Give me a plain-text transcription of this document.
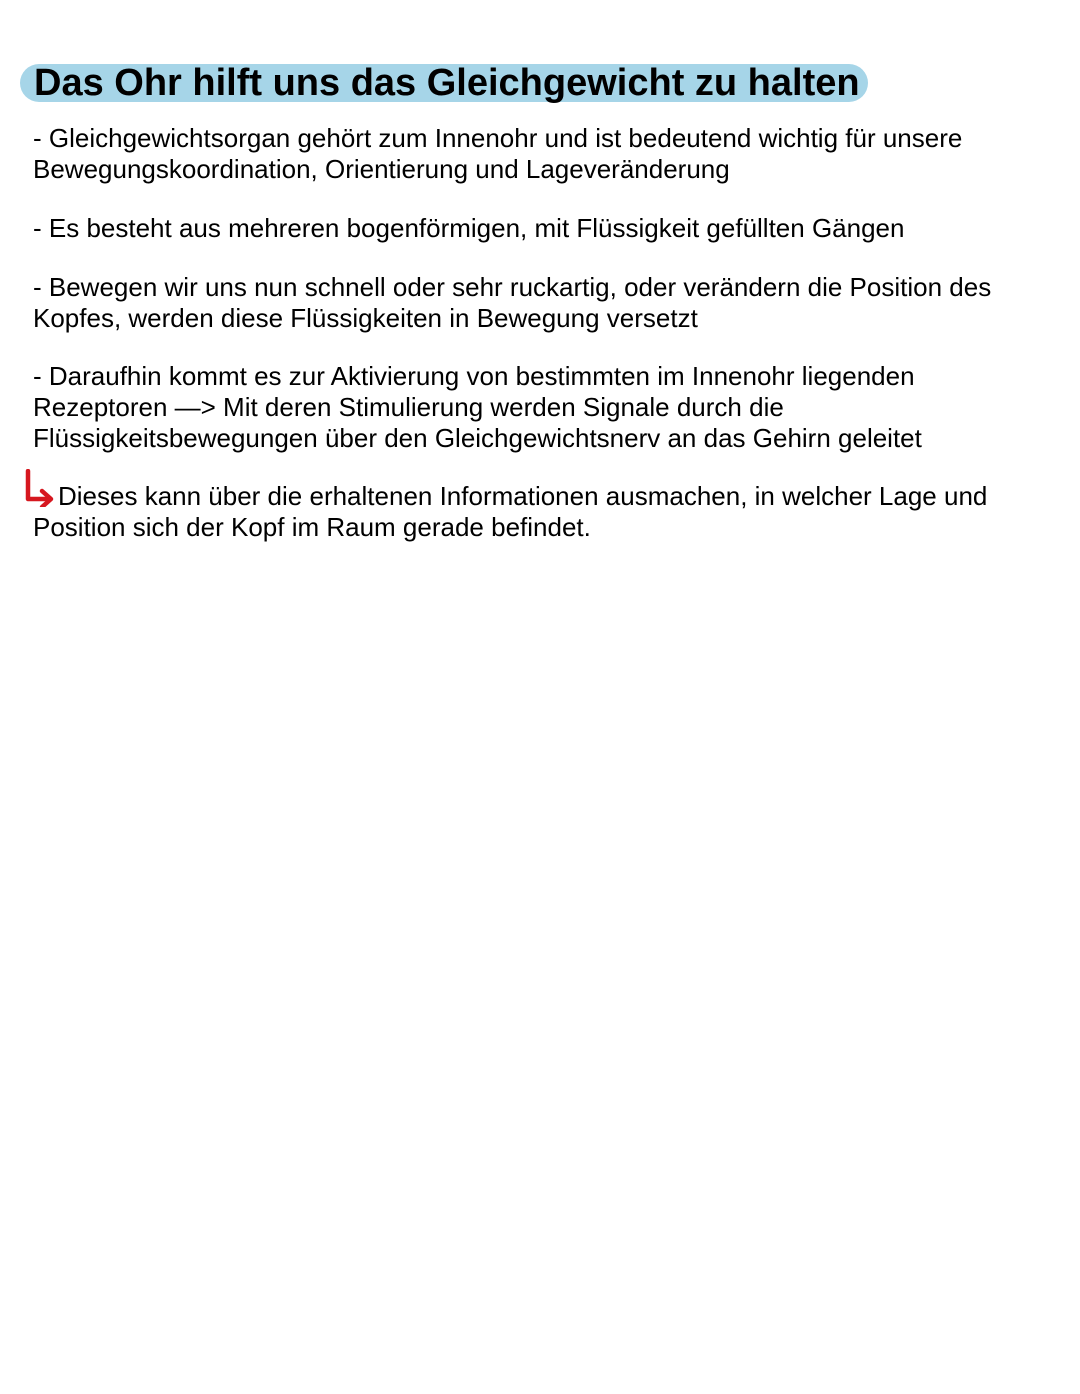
Das Ohr hilft uns das Gleichgewicht zu halten
- Gleichgewichtsorgan gehört zum Innenohr und ist bedeutend wichtig für unsere
Bewegungskoordination, Orientierung und Lageveränderung
- Es besteht aus mehreren bogenförmigen, mit Flüssigkeit gefüllten Gängen
- Bewegen wir uns nun schnell oder sehr ruckartig, oder verändern die Position des
Kopfes, werden diese Flüssigkeiten in Bewegung versetzt
- Daraufhin kommt es zur Aktivierung von bestimmten im Innenohr liegenden
Rezeptoren —> Mit deren Stimulierung werden Signale durch die
Flüssigkeitsbewegungen über den Gleichgewichtsnerv an das Gehirn geleitet
Dieses kann über die erhaltenen Informationen ausmachen, in welcher Lage und
Position sich der Kopf im Raum gerade befindet.
